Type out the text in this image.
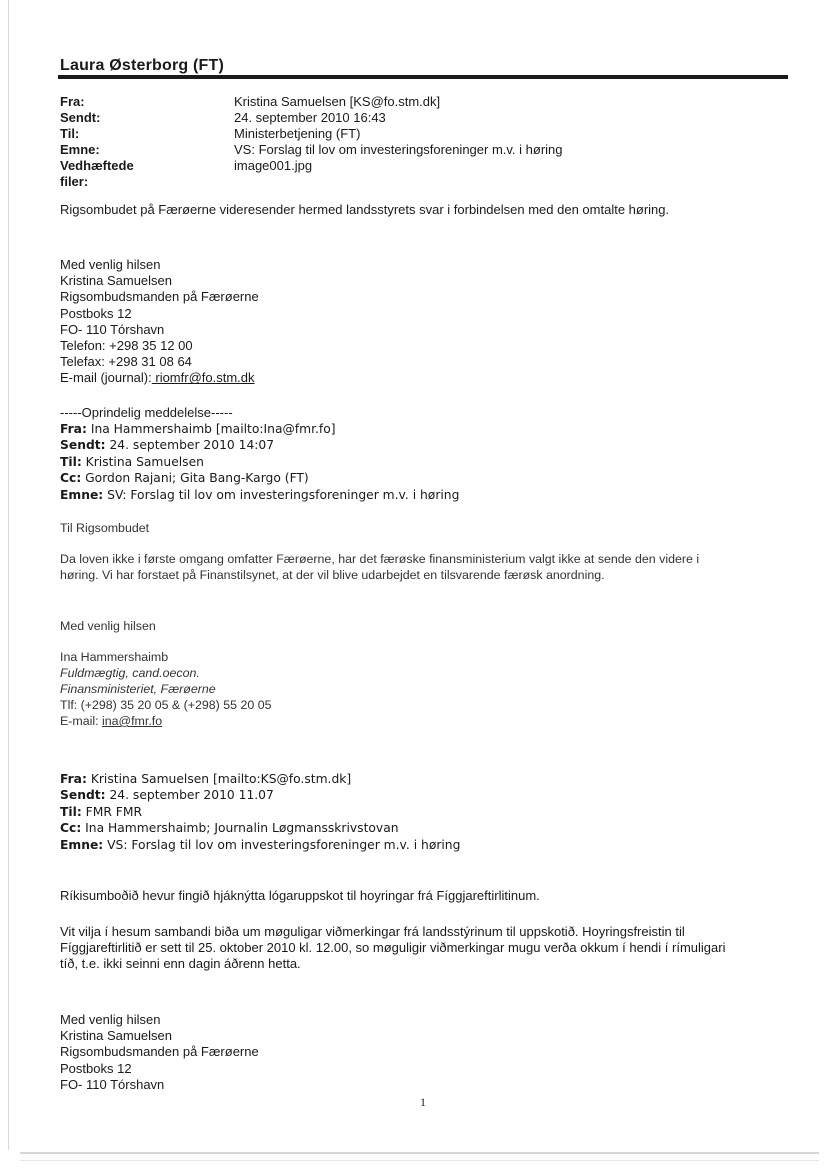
Laura Østerborg (FT)
Fra:	Kristina Samuelsen [KS@fo.stm.dk]
Sendt:	24. september 2010 16:43
Til:	Ministerbetjening (FT)
Emne:	VS: Forslag til lov om investeringsforeninger m.v. i høring
Vedhæftede filer:
image001.jpg
Rigsombudet på Færøerne videresender hermed landsstyrets svar i forbindelsen med den omtalte høring.
Med venlig hilsen
Kristina Samuelsen
Rigsombudsmanden på Færøerne
Postboks 12
FO- 110 Tórshavn
Telefon: +298 35 12 00
Telefax: +298 31 08 64
E-mail (journal): riomfr@fo.stm.dk
-----Oprindelig meddelelse-----
Fra: Ina Hammershaimb [mailto:Ina@fmr.fo]
Sendt: 24. september 2010 14:07
Til: Kristina Samuelsen
Cc: Gordon Rajani; Gita Bang-Kargo (FT)
Emne: SV: Forslag til lov om investeringsforeninger m.v. i høring
Til Rigsombudet
Da loven ikke i første omgang omfatter Færøerne, har det færøske finansministerium valgt ikke at sende den videre i
høring. Vi har forstaet på Finanstilsynet, at der vil blive udarbejdet en tilsvarende færøsk anordning.
Med venlig hilsen
Ina Hammershaimb
Fuldmægtig, cand.oecon.
Finansministeriet, Færøerne
Tlf: (+298) 35 20 05 & (+298) 55 20 05
E-mail: ina@fmr.fo
Fra: Kristina Samuelsen [mailto:KS@fo.stm.dk]
Sendt: 24. september 2010 11.07
Til: FMR FMR
Cc: Ina Hammershaimb; Journalin Løgmansskrivstovan
Emne: VS: Forslag til lov om investeringsforeninger m.v. i høring
Ríkisumboðið hevur fingið hjáknýtta lógaruppskot til hoyringar frá Fíggjareftirlitinum.
Vit vilja í hesum sambandi biða um møguligar viðmerkingar frá landsstýrinum til uppskotið. Hoyringsfreistin til
Fíggjareftirlitið er sett til 25. oktober 2010 kl. 12.00, so møguligir viðmerkingar mugu verða okkum í hendi í rímuligari
tíð, t.e. ikki seinni enn dagin áðrenn hetta.
Med venlig hilsen
Kristina Samuelsen
Rigsombudsmanden på Færøerne
Postboks 12
FO- 110 Tórshavn
1
